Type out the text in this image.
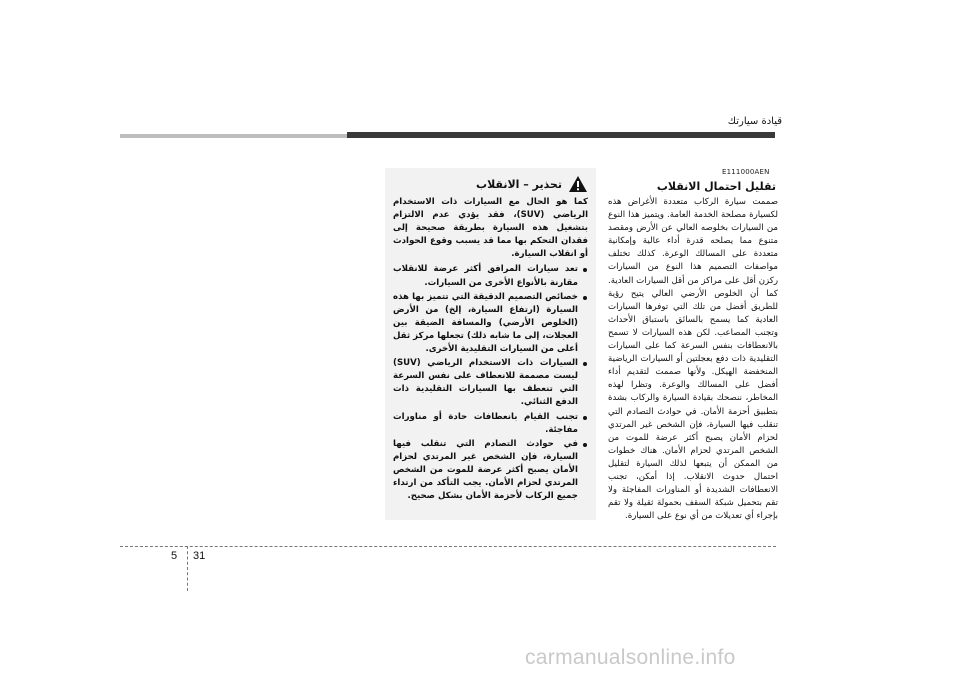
قيادة سيارتك
E111000AEN
تقليل احتمال الانقلاب

صممت سيارة الركاب متعددة الأغراض هذه لكسيارة مصلحة الخدمة العامة. ويتميز هذا النوع من السيارات بخلوصه العالي عن الأرض ومقصد متنوع مما يصلحه قدرة أداء عالية وإمكانية متعددة على المسالك الوعرة. كذلك تختلف مواصفات التصميم هذا النوع من السيارات ركزن أقل على مراكز من أقل السيارات العادية. كما أن الخلوص الأرضي العالي يتيح رؤية للطريق أفضل من تلك التي توفرها السيارات العادية كما يسمح بالسائق باستباق الأحداث وتجنب المصاعب. لكن هذه السيارات لا تسمح بالانعطافات بنفس السرعة كما على السيارات التقليدية ذات دفع بعجلتين أو السيارات الرياضية المنخفضة الهيكل. ولأنها صممت لتقديم أداء أفضل على المسالك والوعرة. وتظرا لهذه المخاطر، ننصحك بقيادة السيارة والركاب بشدة بتطبيق أحزمة الأمان. في حوادث التصادم التي تنقلب فيها السيارة، فإن الشخص غير المرتدي لحزام الأمان يصبح أكثر عرضة للموت من الشخص المرتدي لحزام الأمان. هناك خطوات من الممكن أن يتبعها لذلك السيارة لتقليل احتمال حدوث الانقلاب. إذا أمكن، تجنب الانعطافات الشديدة أو المناورات المفاجئة ولا تقم بتحميل شبكة السقف بحمولة ثقيلة ولا تقم بإجراء أي تعديلات من أي نوع على السيارة.

تحذير – الانقلاب

كما هو الحال مع السيارات ذات الاستخدام الرياضي (SUV)، فقد يؤدي عدم الالتزام بتشغيل هذه السيارة بطريقة صحيحة إلى فقدان التحكم بها مما قد يسبب وقوع الحوادث أو انقلاب السيارة.

تعد سيارات المرافق أكثر عرضة للانقلاب مقارنة بالأنواع الأخرى من السيارات.
خصائص التصميم الدقيقة التي تتميز بها هذه السيارة (ارتفاع السيارة، إلخ) من الأرض (الخلوص الأرضي) والمسافة الضيقة بين العجلات، إلى ما شابه ذلك) تجعلها مركز ثقل أعلى من السيارات التقليدية الأخرى.
السيارات ذات الاستخدام الرياضي (SUV) ليست مصممة للانعطاف على نفس السرعة التي تنعطف بها السيارات التقليدية ذات الدفع الثنائي.
تجنب القيام بانعطافات حادة أو مناورات مفاجئة.
في حوادث التصادم التي تنقلب فيها السيارة، فإن الشخص غير المرتدي لحزام الأمان يصبح أكثر عرضة للموت من الشخص المرتدي لحزام الأمان. يجب التأكد من ارتداء جميع الركاب لأحزمة الأمان بشكل صحيح.
5 31
carmanualsonline.info
